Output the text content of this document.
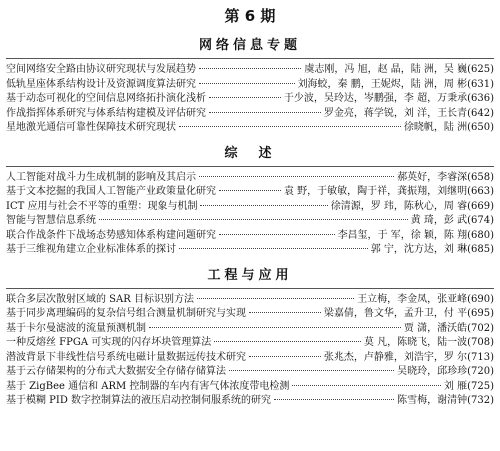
第 6 期
网络信息专题
空间网络安全路由协议研究现状与发展趋势	虞志刚，冯 旭，赵 晶，陆 洲，吴 巍 (625)
低轨星座体系结构设计及资源调度算法研究	刘海蛟，秦 鹏，王妮烬，陆 洲，周 彬 (631)
基于动态可视化的空间信息网络拓扑演化浅析	于少波，吴玲达，岑鹏强，李 超，万秉承 (636)
作战指挥体系研究与体系结构建模及评估研究	罗金亮，蒋学锐，刘 洋，王长青 (642)
星地激光通信可靠性保障技术研究现状	徐晓帆，陆 洲 (650)
综　述
人工智能对战斗力生成机制的影响及其启示	郝英好，李睿深 (658)
基于文本挖掘的我国人工智能产业政策量化研究	袁 野，于敏敏，陶于祥，龚振翔，刘继明 (663)
ICT 应用与社会不平等的重塑：现象与机制	徐清源，罗 玮，陈秋心，周 睿 (669)
智能与智慧信息系统	黄 琦，彭 武 (674)
联合作战条件下战场态势感知体系构建问题研究	李昌玺，于 军，徐 颖，陈 翔 (680)
基于三维视角建立企业标准体系的探讨	郭 宁，沈方达，刘 琳 (685)
工程与应用
联合多层次散射区域的 SAR 目标识别方法	王立梅，李金凤，张亚峰 (690)
基于同步离理编码的复杂信号组合测量机制研究与实现	梁嘉倩，鲁文华，孟升卫，付 平 (695)
基于卡尔曼滤波的流量预测机制	贾 潇，潘沃皓 (702)
一种反熔丝 FPGA 可实现的闪存坏块管理算法	莫 凡，陈晓飞，陆一波 (708)
潜波背景下非线性信号系统电磁计量数据远传技术研究	张兆杰，卢静雅，刘浩宇，罗 尔 (713)
基于云存储架构的分布式大数据安全存储存储算法	吴晓玲，邱珍珍 (720)
基于 ZigBee 通信和 ARM 控制器的车内有害气体浓度带电检测	刘 雁 (725)
基于模糊 PID 数字控制算法的液压启动控制伺服系统的研究	陈雪梅，谢清钟 (732)
